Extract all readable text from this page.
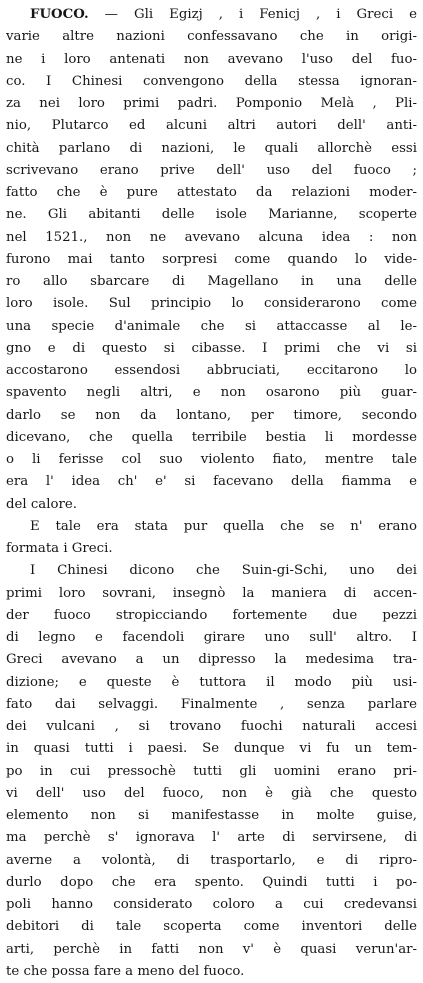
FUOCO. — Gli Egizj , i Fenicj , i Greci e
varie altre nazioni confessavano che in origi-
ne i loro antenati non avevano l'uso del fuo-
co. I Chinesi convengono della stessa ignoran-
za nei loro primi padri. Pomponio Melà , Pli-
nio, Plutarco ed alcuni altri autori dell' anti-
chità parlano di nazioni, le quali allorchè essi
scrivevano erano prive dell' uso del fuoco ;
fatto che è pure attestato da relazioni moder-
ne. Gli abitanti delle isole Marianne, scoperte
nel 1521., non ne avevano alcuna idea : non
furono mai tanto sorpresi come quando lo vide-
ro allo sbarcare di Magellano in una delle
loro isole. Sul principio lo considerarono come
una specie d'animale che si attaccasse al le-
gno e di questo si cibasse. I primi che vi si
accostarono essendosi abbruciati, eccitarono lo
spavento negli altri, e non osarono più guar-
darlo se non da lontano, per timore, secondo
dicevano, che quella terribile bestia li mordesse
o li ferisse col suo violento fiato, mentre tale
era l' idea ch' e' si facevano della fiamma e
del calore.
E tale era stata pur quella che se n' erano
formata i Greci.
I Chinesi dicono che Suin-gi-Schi, uno dei
primi loro sovrani, insegnò la maniera di accen-
der fuoco stropicciando fortemente due pezzi
di legno e facendoli girare uno sull' altro. I
Greci avevano a un dipresso la medesima tra-
dizione; e queste è tuttora il modo più usi-
fato dai selvaggi. Finalmente , senza parlare
dei vulcani , si trovano fuochi naturali accesi
in quasi tutti i paesi. Se dunque vi fu un tem-
po in cui pressochè tutti gli uomini erano pri-
vi dell' uso del fuoco, non è già che questo
elemento non si manifestasse in molte guise,
ma perchè s' ignorava l' arte di servirsene, di
averne a volontà, di trasportarlo, e di ripro-
durlo dopo che era spento. Quindi tutti i po-
poli hanno considerato coloro a cui credevansi
debitori di tale scoperta come inventori delle
arti, perchè in fatti non v' è quasi verun'ar-
te che possa fare a meno del fuoco.
